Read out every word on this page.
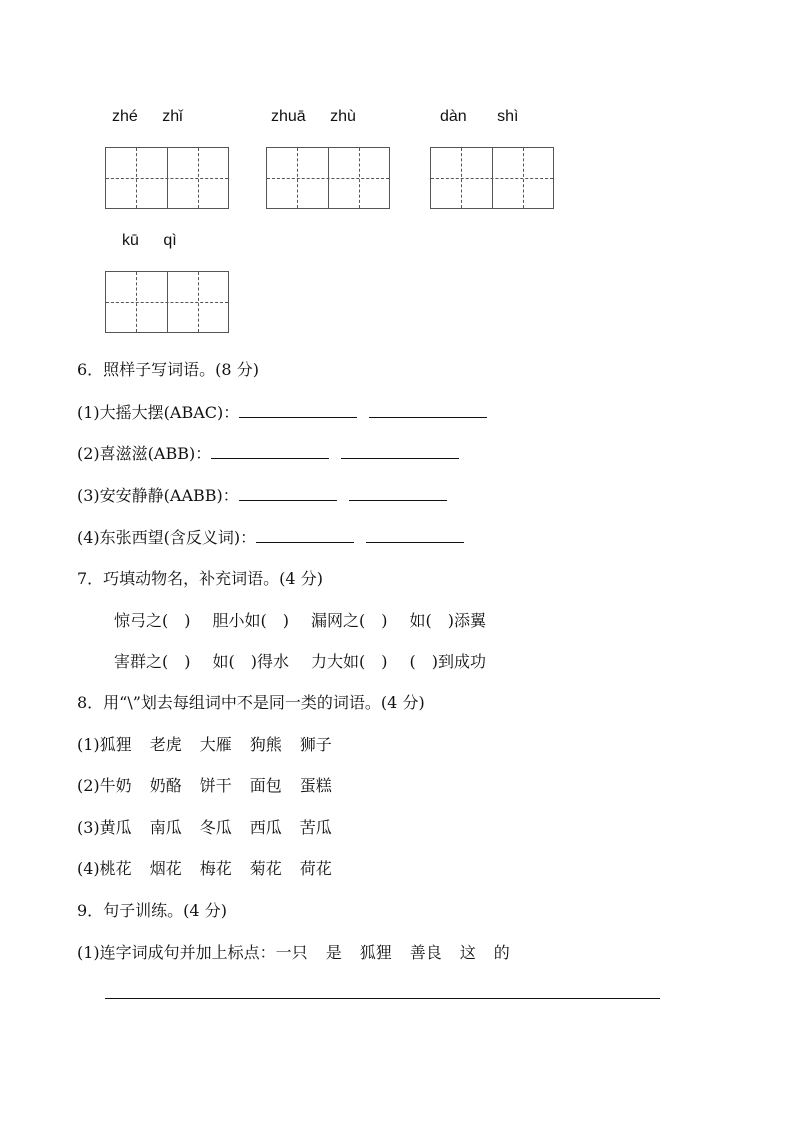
zhé zhǐ	zhuā zhù	dàn shì
kū qì
6．照样子写词语。(8 分)
(1)大摇大摆(ABAC)：
(2)喜滋滋(ABB)：
(3)安安静静(AABB)：
(4)东张西望(含反义词)：
7．巧填动物名，补充词语。(4 分)
惊弓之(　) 胆小如(　) 漏网之(　) 如(　)添翼
害群之(　) 如(　)得水 力大如(　) (　)到成功
8．用“\”划去每组词中不是同一类的词语。(4 分)
(1)狐狸 老虎 大雁 狗熊 狮子
(2)牛奶 奶酪 饼干 面包 蛋糕
(3)黄瓜 南瓜 冬瓜 西瓜 苦瓜
(4)桃花 烟花 梅花 菊花 荷花
9．句子训练。(4 分)
(1)连字词成句并加上标点：一只 是 狐狸 善良 这 的
